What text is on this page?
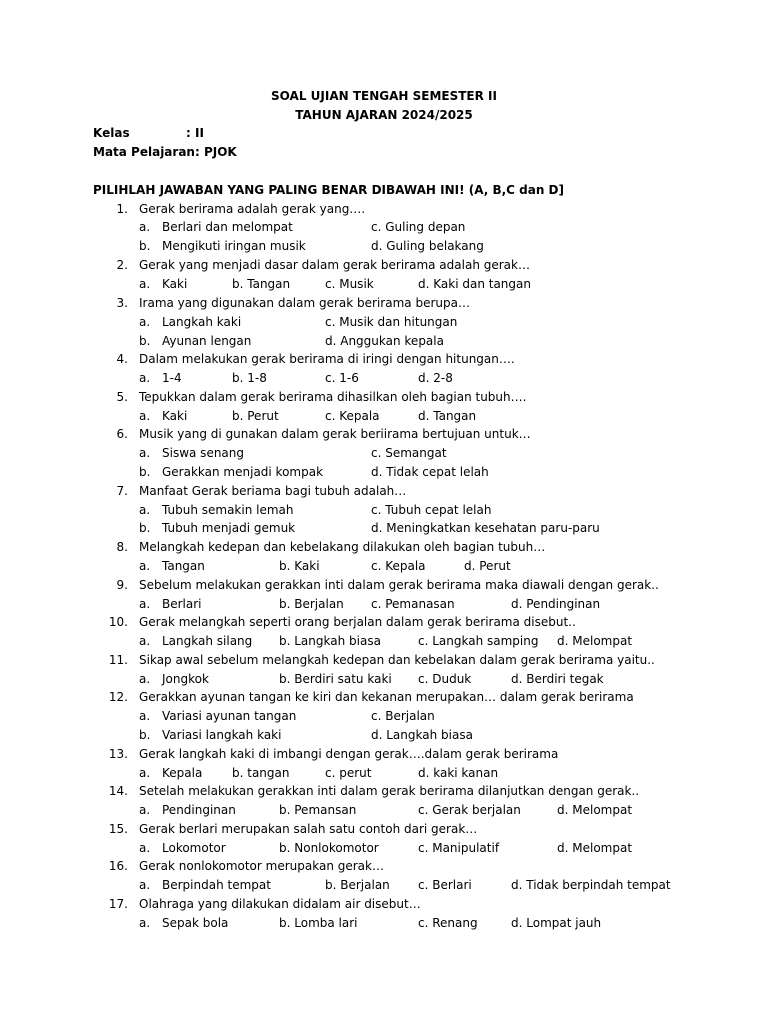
SOAL UJIAN TENGAH SEMESTER II
TAHUN AJARAN 2024/2025
Kelas	: II
Mata Pelajaran: PJOK
PILIHLAH JAWABAN YANG PALING BENAR DIBAWAH INI! (A, B,C dan D]
1. Gerak berirama adalah gerak yang….
a. Berlari dan melompat	c. Guling depan
b. Mengikuti iringan musik	d. Guling belakang
2. Gerak yang menjadi dasar dalam gerak berirama adalah gerak…
a. Kaki	b. Tangan	c. Musik	d. Kaki dan tangan
3. Irama yang digunakan dalam gerak berirama berupa…
a. Langkah kaki	c. Musik dan hitungan
b. Ayunan lengan	d. Anggukan kepala
4. Dalam melakukan gerak berirama di iringi dengan hitungan….
a. 1-4	b. 1-8	c. 1-6	d. 2-8
5. Tepukkan dalam gerak berirama dihasilkan oleh bagian tubuh….
a. Kaki	b. Perut	c. Kepala	d. Tangan
6. Musik yang di gunakan dalam gerak beriirama bertujuan untuk…
a. Siswa senang	c. Semangat
b. Gerakkan menjadi kompak	d. Tidak cepat lelah
7. Manfaat Gerak beriama bagi tubuh adalah…
a. Tubuh semakin lemah	c. Tubuh cepat lelah
b. Tubuh menjadi gemuk	d. Meningkatkan kesehatan paru-paru
8. Melangkah kedepan dan kebelakang dilakukan oleh bagian tubuh…
a. Tangan	b. Kaki	c. Kepala	d. Perut
9. Sebelum melakukan gerakkan inti dalam gerak berirama maka diawali dengan gerak..
a. Berlari	b. Berjalan c. Pemanasan	d. Pendinginan
10. Gerak melangkah seperti orang berjalan dalam gerak berirama disebut..
a. Langkah silang b. Langkah biasa	c. Langkah samping d. Melompat
11. Sikap awal sebelum melangkah kedepan dan kebelakan dalam gerak berirama yaitu..
a. Jongkok	b. Berdiri satu kaki c. Duduk	d. Berdiri tegak
12. Gerakkan ayunan tangan ke kiri dan kekanan merupakan… dalam gerak berirama
a. Variasi ayunan tangan	c. Berjalan
b. Variasi langkah kaki	d. Langkah biasa
13. Gerak langkah kaki di imbangi dengan gerak….dalam gerak berirama
a. Kepala b. tangan	c. perut	d. kaki kanan
14. Setelah melakukan gerakkan inti dalam gerak berirama dilanjutkan dengan gerak..
a. Pendinginan	b. Pemansan	c. Gerak berjalan	d. Melompat
15. Gerak berlari merupakan salah satu contoh dari gerak…
a. Lokomotor	b. Nonlokomotor	c. Manipulatif	d. Melompat
16. Gerak nonlokomotor merupakan gerak…
a. Berpindah tempat	b. Berjalan c. Berlari	d. Tidak berpindah tempat
17. Olahraga yang dilakukan didalam air disebut…
a. Sepak bola	b. Lomba lari	c. Renang	d. Lompat jauh
